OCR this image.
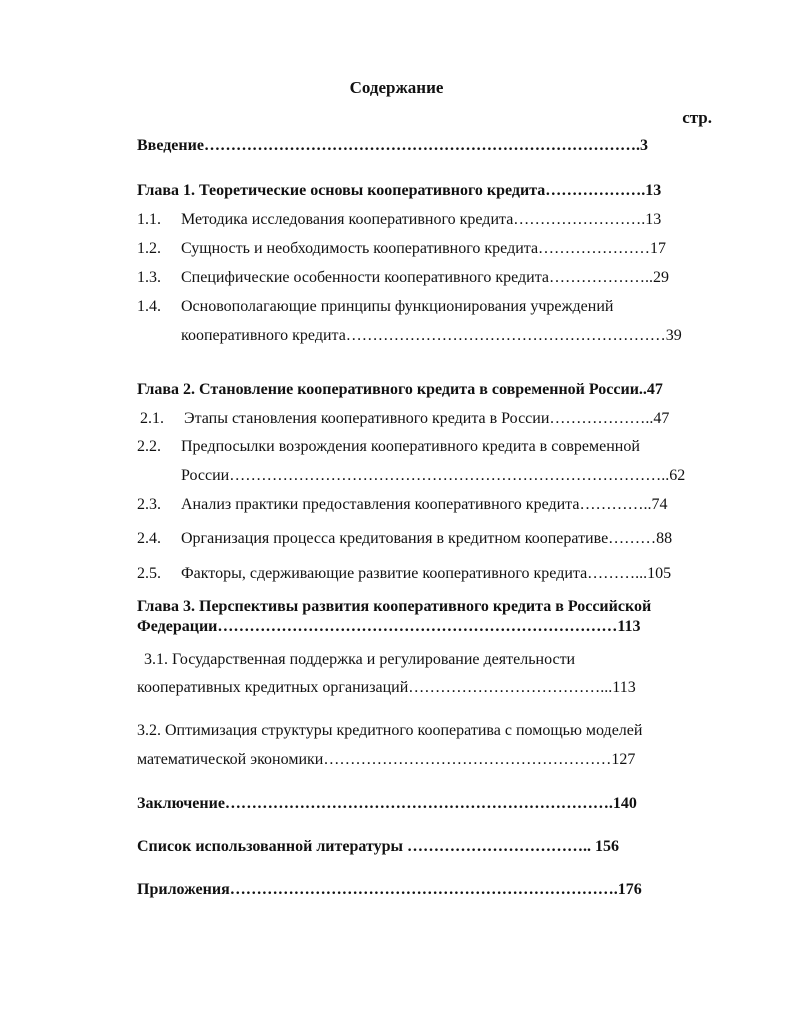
Содержание
стр.
Введение……………………………………………………………………….3
Глава 1. Теоретические основы кооперативного кредита……………….13
1.1. Методика исследования кооперативного кредита…………………….13
1.2. Сущность и необходимость кооперативного кредита…………………17
1.3. Специфические особенности кооперативного кредита………………..29
1.4. Основополагающие принципы функционирования учреждений
кооперативного кредита……………………………………………………39
Глава 2. Становление кооперативного кредита в современной России..47
2.1. Этапы становления кооперативного кредита в России………………..47
2.2. Предпосылки возрождения кооперативного кредита в современной
России………………………………………………………………………..62
2.3. Анализ практики предоставления кооперативного кредита…………..74
2.4. Организация процесса кредитования в кредитном кооперативе………88
2.5. Факторы, сдерживающие развитие кооперативного кредита………...105
Глава 3. Перспективы развития кооперативного кредита в Российской
Федерации…………………………………………………………………113
3.1. Государственная поддержка и регулирование деятельности
кооперативных кредитных организаций………………………………...113
3.2. Оптимизация структуры кредитного кооператива с помощью моделей
математической экономики………………………………………………127
Заключение……………………………………………………………….140
Список использованной литературы …………………………….. 156
Приложения……………………………………………………………….176
